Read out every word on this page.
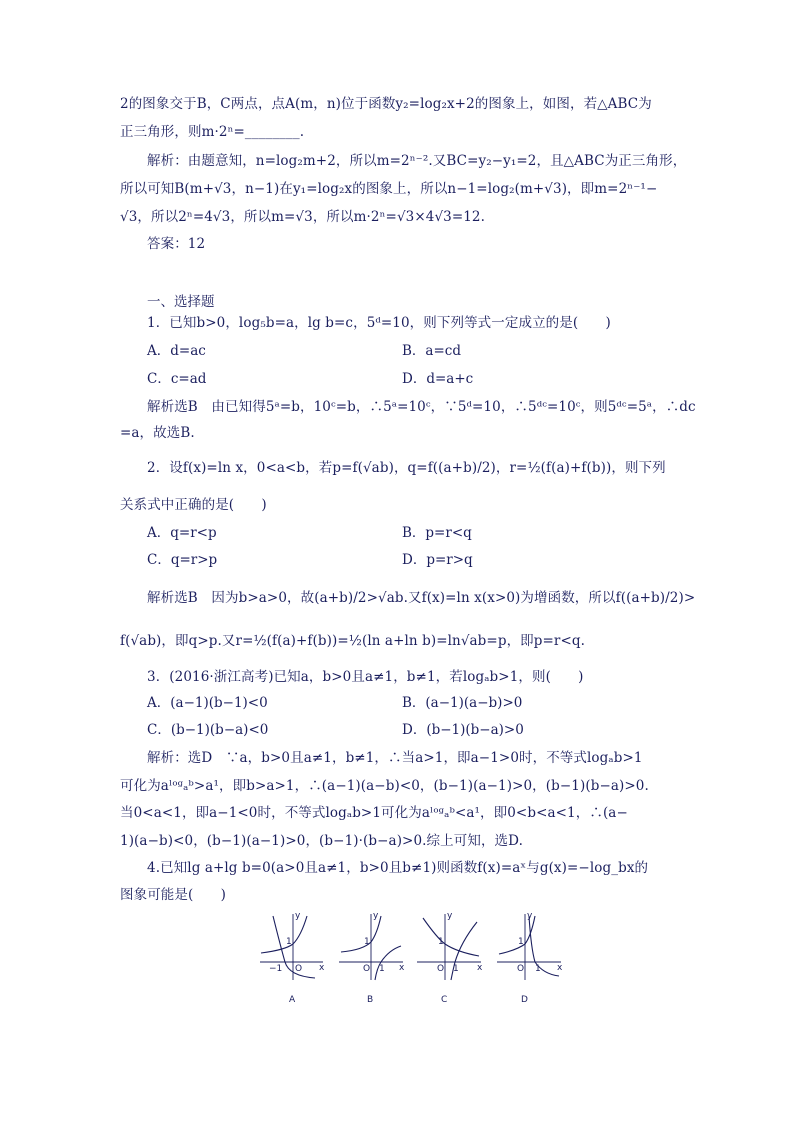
2的图象交于B，C两点，点A(m，n)位于函数y₂=log₂x+2的图象上，如图，若△ABC为
正三角形，则m·2ⁿ=________.
解析：由题意知，n=log₂m+2，所以m=2ⁿ⁻².又BC=y₂−y₁=2，且△ABC为正三角形，
所以可知B(m+√3，n−1)在y₁=log₂x的图象上，所以n−1=log₂(m+√3)，即m=2ⁿ⁻¹−
√3，所以2ⁿ=4√3，所以m=√3，所以m·2ⁿ=√3×4√3=12.
答案：12
一、选择题
1．已知b>0，log₅b=a，lg b=c，5ᵈ=10，则下列等式一定成立的是(　　)
A．d=ac	B．a=cd
C．c=ad	D．d=a+c
解析选B　由已知得5ᵃ=b，10ᶜ=b，∴5ᵃ=10ᶜ，∵5ᵈ=10，∴5ᵈᶜ=10ᶜ，则5ᵈᶜ=5ᵃ，∴dc
=a，故选B.
2．设f(x)=ln x，0<a<b，若p=f(√ab)，q=f((a+b)/2)，r=½(f(a)+f(b))，则下列
关系式中正确的是(　　)
A．q=r<p	B．p=r<q
C．q=r>p	D．p=r>q
解析选B　因为b>a>0，故(a+b)/2>√ab.又f(x)=ln x(x>0)为增函数，所以f((a+b)/2)>
f(√ab)，即q>p.又r=½(f(a)+f(b))=½(ln a+ln b)=ln√ab=p，即p=r<q.
3．(2016·浙江高考)已知a，b>0且a≠1，b≠1，若logₐb>1，则(　　)
A．(a−1)(b−1)<0	B．(a−1)(a−b)>0
C．(b−1)(b−a)<0	D．(b−1)(b−a)>0
解析：选D　∵a，b>0且a≠1，b≠1，∴当a>1，即a−1>0时，不等式logₐb>1
可化为aˡᵒᵍₐᵇ>a¹，即b>a>1，∴(a−1)(a−b)<0，(b−1)(a−1)>0，(b−1)(b−a)>0.
当0<a<1，即a−1<0时，不等式logₐb>1可化为aˡᵒᵍₐᵇ<a¹，即0<b<a<1，∴(a−
1)(a−b)<0，(b−1)(a−1)>0，(b−1)·(b−a)>0.综上可知，选D.
4.已知lg a+lg b=0(a>0且a≠1，b>0且b≠1)则函数f(x)=aˣ与g(x)=−log_bx的
图象可能是(　　)
y
x
O
1
−1
A
y
x
O
1
1
B
y
x
O
1
1
C
y
x
O
1
1
D
